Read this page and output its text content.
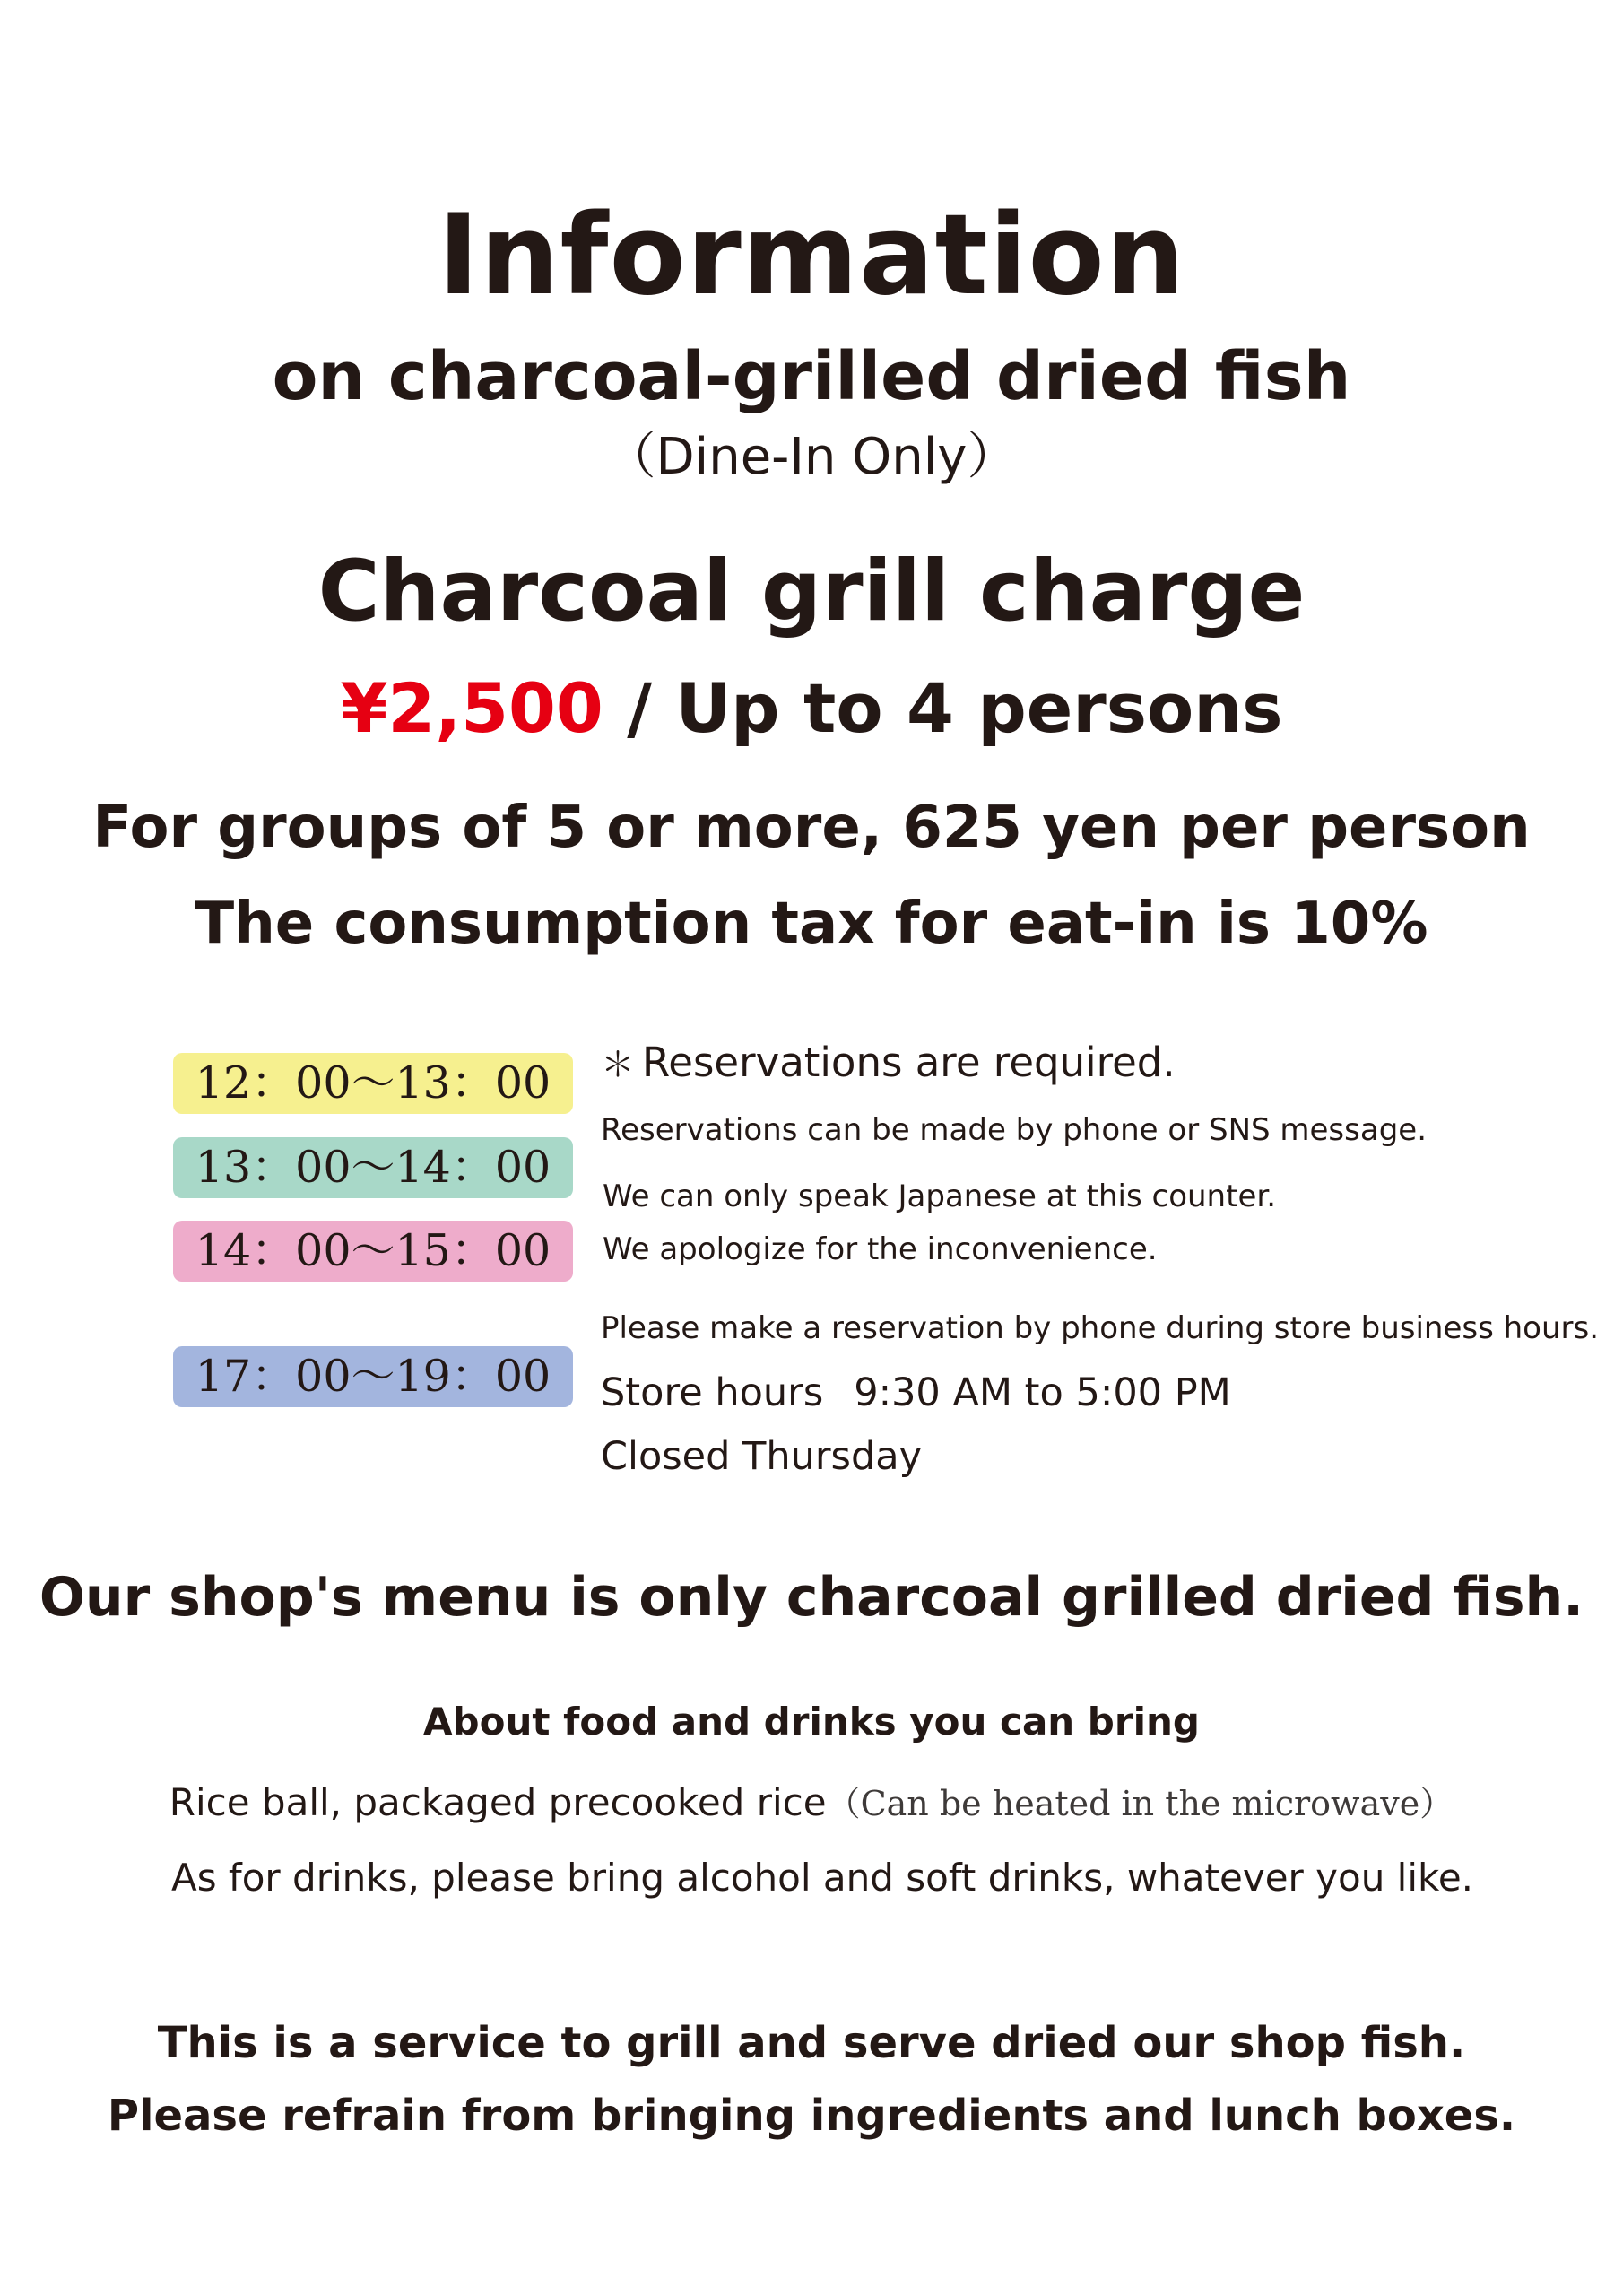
Information
on charcoal-grilled dried fish
（Dine-In Only）
Charcoal grill charge
¥2,500 / Up to 4 persons
For groups of 5 or more, 625 yen per person
The consumption tax for eat-in is 10%
12：00～13：00
13：00～14：00
14：00～15：00
17：00～19：00
＊ Reservations are required.
Reservations can be made by phone or SNS message.
We can only speak Japanese at this counter.
We apologize for the inconvenience.
Please make a reservation by phone during store business hours.
Store hours 9:30 AM to 5:00 PM
Closed Thursday
Our shop's menu is only charcoal grilled dried fish.
About food and drinks you can bring
Rice ball, packaged precooked rice（Can be heated in the microwave）
As for drinks, please bring alcohol and soft drinks, whatever you like.
This is a service to grill and serve dried our shop fish.
Please refrain from bringing ingredients and lunch boxes.
